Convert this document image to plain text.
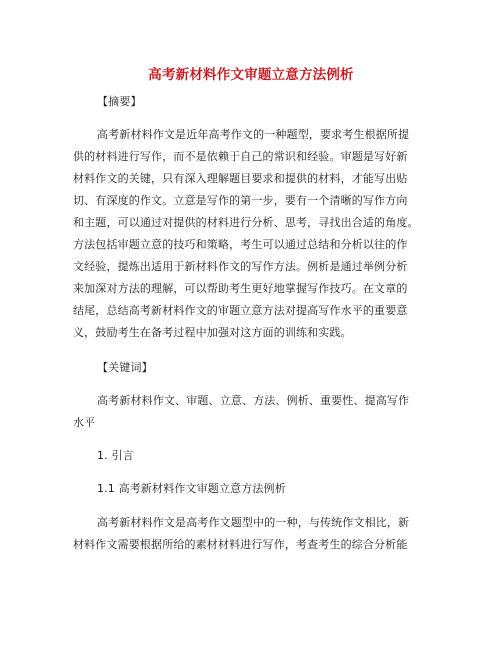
高考新材料作文审题立意方法例析
【摘要】
高考新材料作文是近年高考作文的一种题型，要求考生根据所提
供的材料进行写作，而不是依赖于自己的常识和经验。审题是写好新
材料作文的关键，只有深入理解题目要求和提供的材料，才能写出贴
切、有深度的作文。立意是写作的第一步，要有一个清晰的写作方向
和主题，可以通过对提供的材料进行分析、思考，寻找出合适的角度。
方法包括审题立意的技巧和策略，考生可以通过总结和分析以往的作
文经验，提炼出适用于新材料作文的写作方法。例析是通过举例分析
来加深对方法的理解，可以帮助考生更好地掌握写作技巧。在文章的
结尾，总结高考新材料作文的审题立意方法对提高写作水平的重要意
义，鼓励考生在备考过程中加强对这方面的训练和实践。
【关键词】
高考新材料作文、审题、立意、方法、例析、重要性、提高写作
水平
1. 引言
1.1 高考新材料作文审题立意方法例析
高考新材料作文是高考作文题型中的一种，与传统作文相比，新
材料作文需要根据所给的素材材料进行写作，考查考生的综合分析能
